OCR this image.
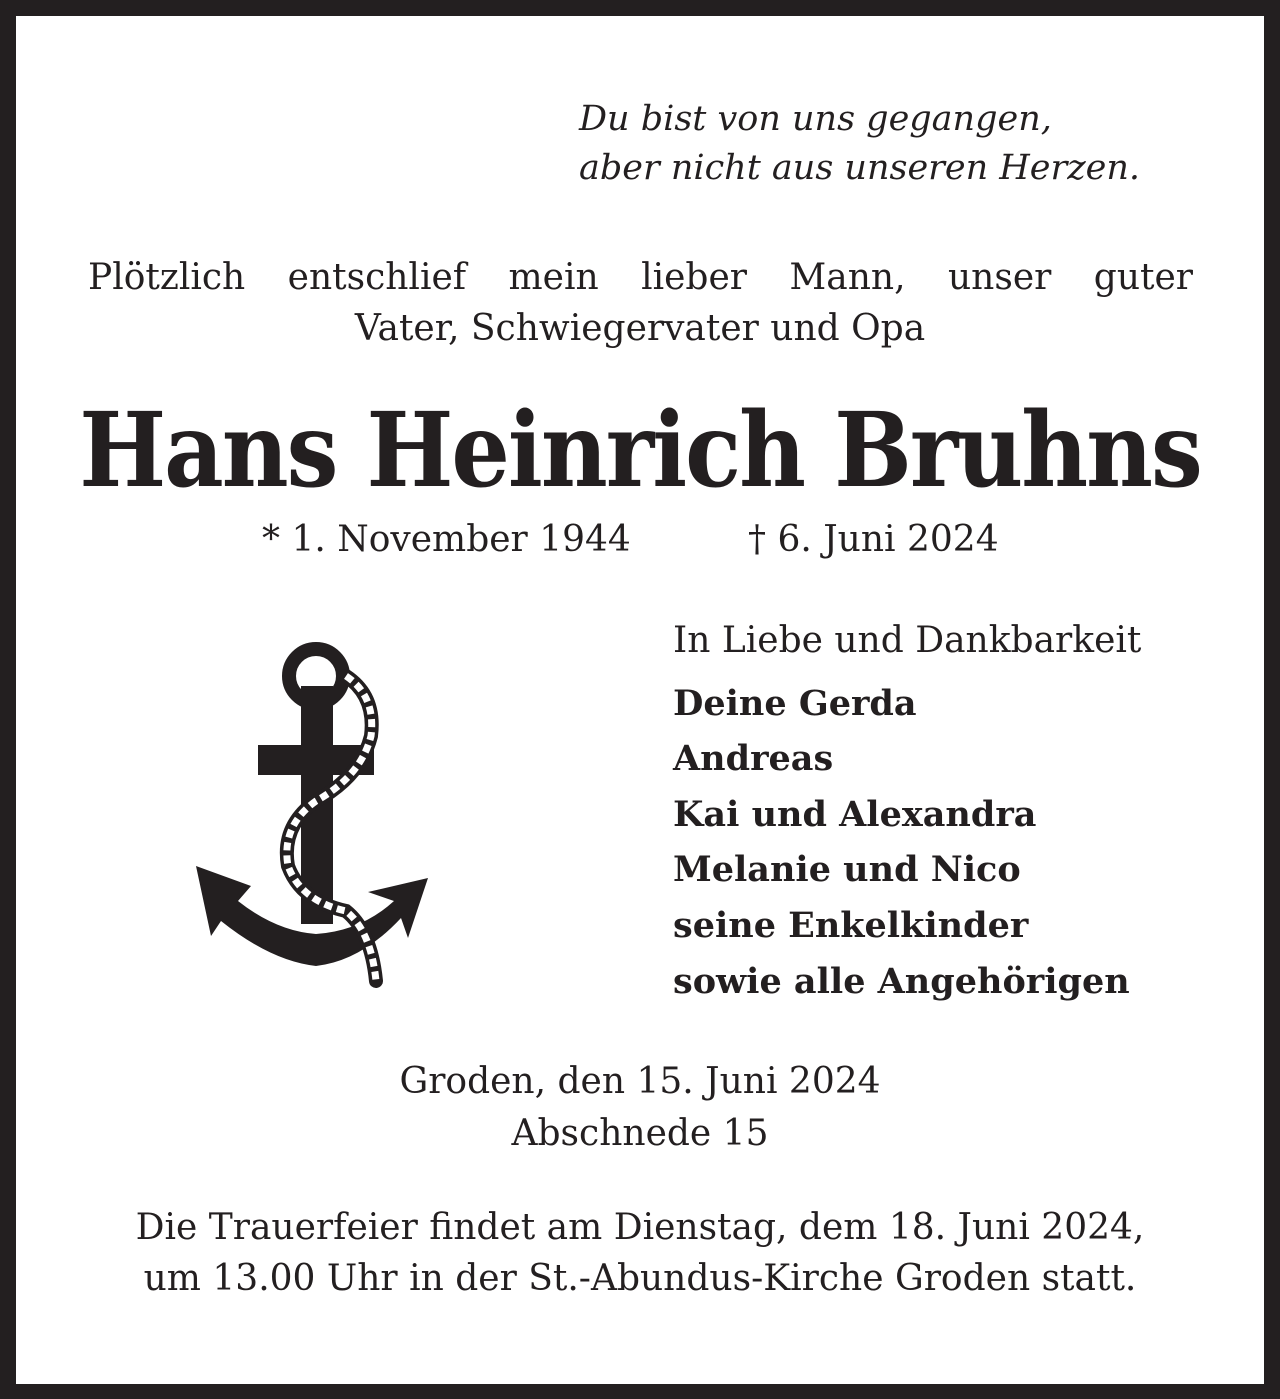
Du bist von uns gegangen,
aber nicht aus unseren Herzen.
Plötzlich entschlief mein lieber Mann, unser guter
Vater, Schwiegervater und Opa
Hans Heinrich Bruhns
* 1. November 1944	† 6. Juni 2024
In Liebe und Dankbarkeit
Deine Gerda
Andreas
Kai und Alexandra
Melanie und Nico
seine Enkelkinder
sowie alle Angehörigen
Groden, den 15. Juni 2024
Abschnede 15
Die Trauerfeier findet am Dienstag, dem 18. Juni 2024,
um 13.00 Uhr in der St.-Abundus-Kirche Groden statt.
